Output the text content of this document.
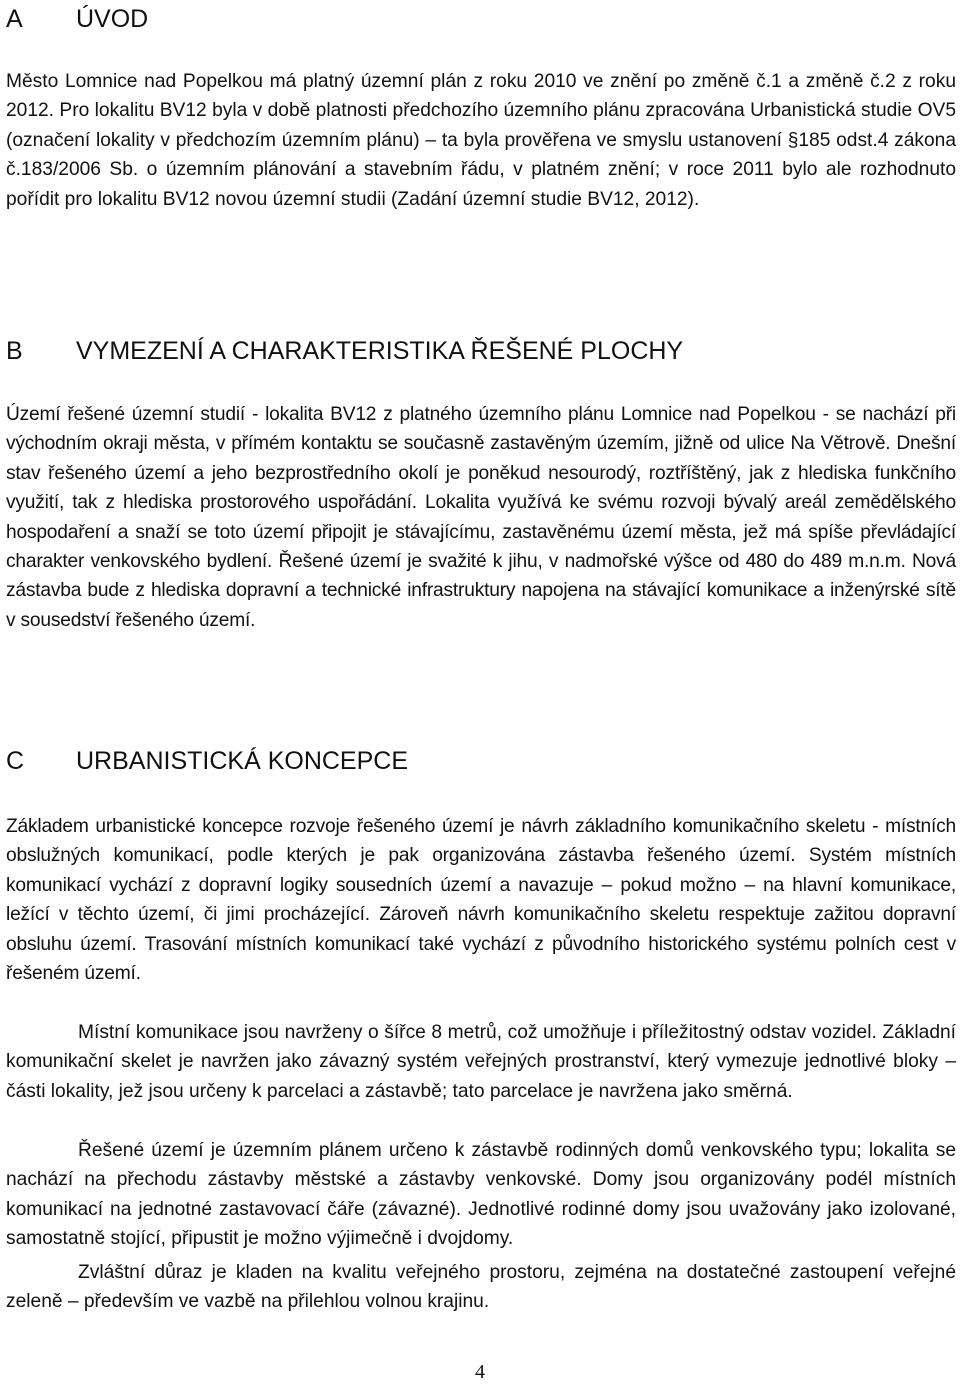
A ÚVOD

Město Lomnice nad Popelkou má platný územní plán z roku 2010 ve znění po změně č.1 a změně č.2 z roku 2012. Pro lokalitu BV12 byla v době platnosti předchozího územního plánu zpracována Urbanistická studie OV5 (označení lokality v předchozím územním plánu) – ta byla prověřena ve smyslu ustanovení §185 odst.4 zákona č.183/2006 Sb. o územním plánování a stavebním řádu, v platném znění; v roce 2011 bylo ale rozhodnuto pořídit pro lokalitu BV12 novou územní studii (Zadání územní studie BV12, 2012).

B VYMEZENÍ A CHARAKTERISTIKA ŘEŠENÉ PLOCHY

Území řešené územní studií - lokalita BV12 z platného územního plánu Lomnice nad Popelkou - se nachází při východním okraji města, v přímém kontaktu se současně zastavěným územím, jižně od ulice Na Větrově. Dnešní stav řešeného území a jeho bezprostředního okolí je poněkud nesourodý, roztříštěný, jak z hlediska funkčního využití, tak z hlediska prostorového uspořádání. Lokalita využívá ke svému rozvoji bývalý areál zemědělského hospodaření a snaží se toto území připojit je stávajícímu, zastavěnému území města, jež má spíše převládající charakter venkovského bydlení. Řešené území je svažité k jihu, v nadmořské výšce od 480 do 489 m.n.m. Nová zástavba bude z hlediska dopravní a technické infrastruktury napojena na stávající komunikace a inženýrské sítě v sousedství řešeného území.

C URBANISTICKÁ KONCEPCE

Základem urbanistické koncepce rozvoje řešeného území je návrh základního komunikačního skeletu - místních obslužných komunikací, podle kterých je pak organizována zástavba řešeného území. Systém místních komunikací vychází z dopravní logiky sousedních území a navazuje – pokud možno – na hlavní komunikace, ležící v těchto území, či jimi procházející. Zároveň návrh komunikačního skeletu respektuje zažitou dopravní obsluhu území. Trasování místních komunikací také vychází z původního historického systému polních cest v řešeném území.

Místní komunikace jsou navrženy o šířce 8 metrů, což umožňuje i příležitostný odstav vozidel. Základní komunikační skelet je navržen jako závazný systém veřejných prostranství, který vymezuje jednotlivé bloky – části lokality, jež jsou určeny k parcelaci a zástavbě; tato parcelace je navržena jako směrná.

Řešené území je územním plánem určeno k zástavbě rodinných domů venkovského typu; lokalita se nachází na přechodu zástavby městské a zástavby venkovské. Domy jsou organizovány podél místních komunikací na jednotné zastavovací čáře (závazné). Jednotlivé rodinné domy jsou uvažovány jako izolované, samostatně stojící, připustit je možno výjimečně i dvojdomy.

Zvláštní důraz je kladen na kvalitu veřejného prostoru, zejména na dostatečné zastoupení veřejné zeleně – především ve vazbě na přilehlou volnou krajinu.

4
